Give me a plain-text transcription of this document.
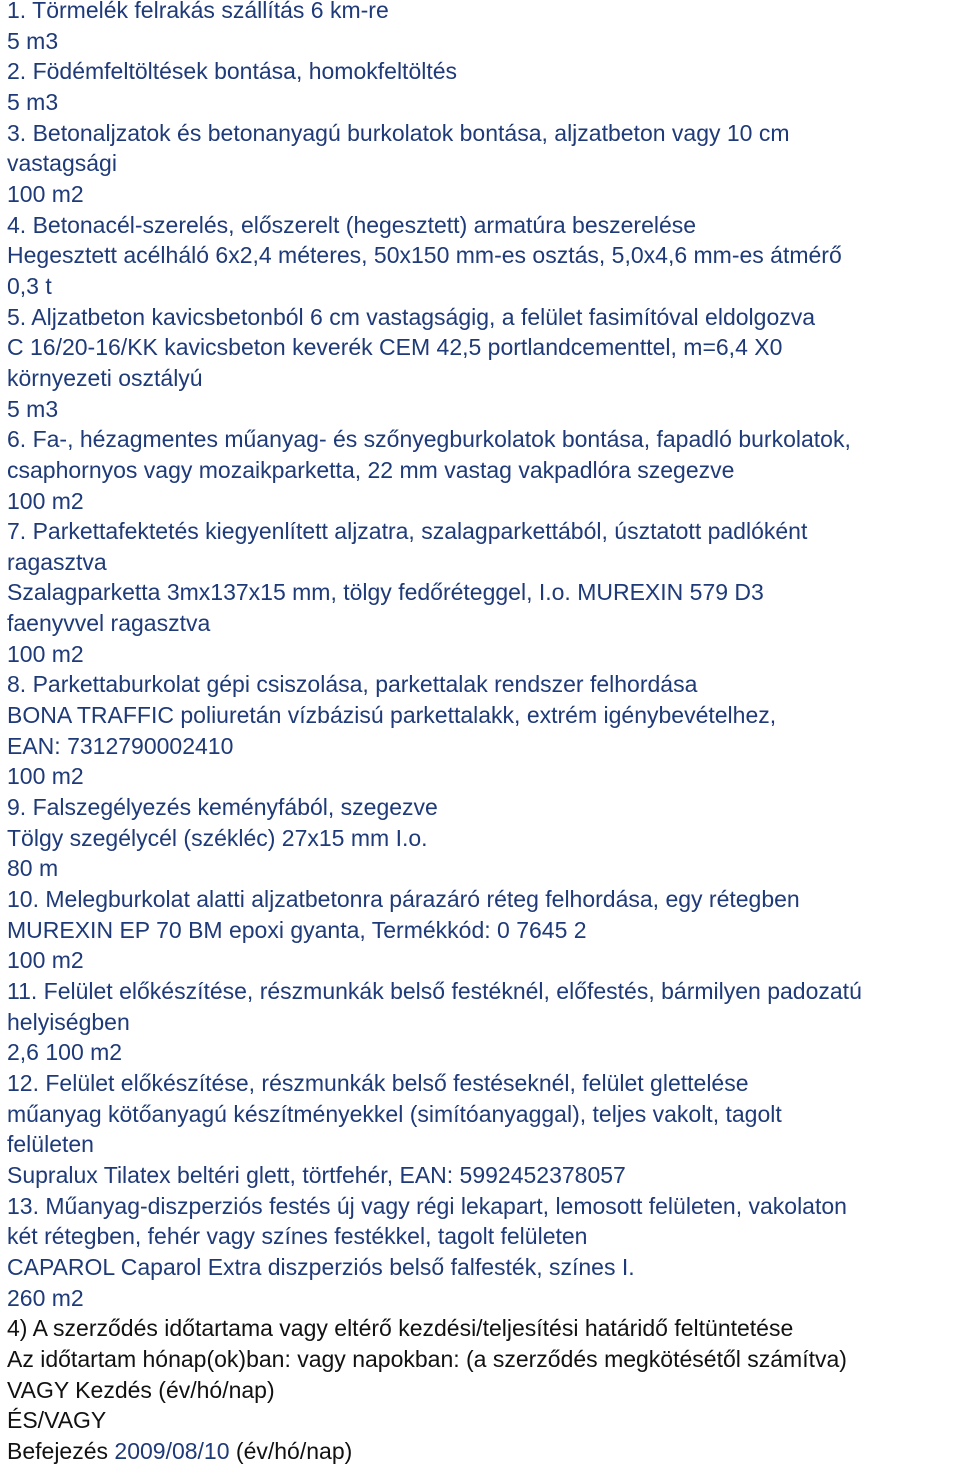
1. Törmelék felrakás szállítás 6 km-re
5 m3
2. Födémfeltöltések bontása, homokfeltöltés
5 m3
3. Betonaljzatok és betonanyagú burkolatok bontása, aljzatbeton vagy 10 cm
vastagsági
100 m2
4. Betonacél-szerelés, előszerelt (hegesztett) armatúra beszerelése
Hegesztett acélháló 6x2,4 méteres, 50x150 mm-es osztás, 5,0x4,6 mm-es átmérő
0,3 t
5. Aljzatbeton kavicsbetonból 6 cm vastagságig, a felület fasimítóval eldolgozva
C 16/20-16/KK kavicsbeton keverék CEM 42,5 portlandcementtel, m=6,4 X0
környezeti osztályú
5 m3
6. Fa-, hézagmentes műanyag- és szőnyegburkolatok bontása, fapadló burkolatok,
csaphornyos vagy mozaikparketta, 22 mm vastag vakpadlóra szegezve
100 m2
7. Parkettafektetés kiegyenlített aljzatra, szalagparkettából, úsztatott padlóként
ragasztva
Szalagparketta 3mx137x15 mm, tölgy fedőréteggel, I.o. MUREXIN 579 D3
faenyvvel ragasztva
100 m2
8. Parkettaburkolat gépi csiszolása, parkettalak rendszer felhordása
BONA TRAFFIC poliuretán vízbázisú parkettalakk, extrém igénybevételhez,
EAN: 7312790002410
100 m2
9. Falszegélyezés keményfából, szegezve
Tölgy szegélycél (székléc) 27x15 mm I.o.
80 m
10. Melegburkolat alatti aljzatbetonra párazáró réteg felhordása, egy rétegben
MUREXIN EP 70 BM epoxi gyanta, Termékkód: 0 7645 2
100 m2
11. Felület előkészítése, részmunkák belső festéknél, előfestés, bármilyen padozatú
helyiségben
2,6 100 m2
12. Felület előkészítése, részmunkák belső festéseknél, felület glettelése
műanyag kötőanyagú készítményekkel (simítóanyaggal), teljes vakolt, tagolt
felületen
Supralux Tilatex beltéri glett, törtfehér, EAN: 5992452378057
13. Műanyag-diszperziós festés új vagy régi lekapart, lemosott felületen, vakolaton
két rétegben, fehér vagy színes festékkel, tagolt felületen
CAPAROL Caparol Extra diszperziós belső falfesték, színes I.
260 m2
4) A szerződés időtartama vagy eltérő kezdési/teljesítési határidő feltüntetése
Az időtartam hónap(ok)ban: vagy napokban: (a szerződés megkötésétől számítva)
VAGY Kezdés (év/hó/nap)
ÉS/VAGY
Befejezés 2009/08/10 (év/hó/nap)
